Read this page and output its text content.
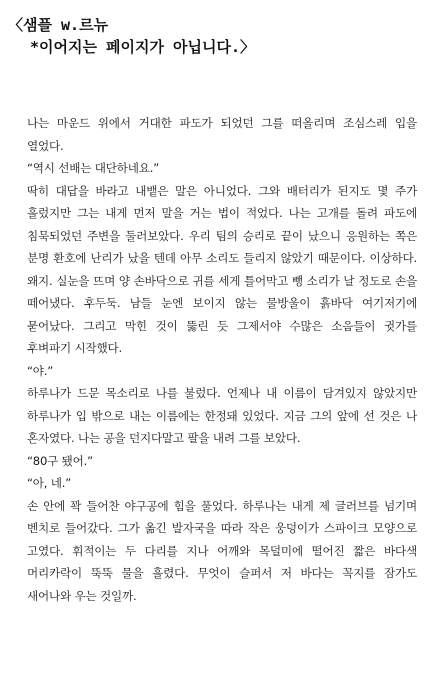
〈샘플 w.르뉴
*이어지는 페이지가 아닙니다.〉

나는 마운드 위에서 거대한 파도가 되었던 그를 떠올리며 조심스레 입을 열었다.

“역시 선배는 대단하네요.”

딱히 대답을 바라고 내뱉은 말은 아니었다. 그와 배터리가 된지도 몇 주가 흘렀지만 그는 내게 먼저 말을 거는 법이 적었다. 나는 고개를 돌려 파도에 침묵되었던 주변을 둘러보았다. 우리 팀의 승리로 끝이 났으니 응원하는 쪽은 분명 환호에 난리가 났을 텐데 아무 소리도 들리지 않았기 때문이다. 이상하다. 왜지. 실눈을 뜨며 양 손바닥으로 귀를 세게 틀어막고 뺑 소리가 날 정도로 손을 떼어냈다. 후두둑. 남들 눈엔 보이지 않는 물방울이 흙바닥 여기저기에 묻어났다. 그리고 막힌 것이 뚫린 듯 그제서야 수많은 소음들이 귓가를 후벼파기 시작했다.

“야.”

하루나가 드문 목소리로 나를 불렀다. 언제나 내 이름이 담겨있지 않았지만 하루나가 입 밖으로 내는 이름에는 한정돼 있었다. 지금 그의 앞에 선 것은 나 혼자였다. 나는 공을 던지다말고 팔을 내려 그를 보았다.

“80구 됐어.”

“아, 네.”

손 안에 꽉 들어찬 야구공에 힘을 풀었다. 하루나는 내게 제 글러브를 넘기며 벤치로 들어갔다. 그가 옮긴 발자국을 따라 작은 웅덩이가 스파이크 모양으로 고였다. 휘적이는 두 다리를 지나 어깨와 목덜미에 떨어진 짧은 바다색 머리카락이 뚝뚝 물을 흘렸다. 무엇이 슬퍼서 저 바다는 꼭지를 잠가도 새어나와 우는 것일까.
